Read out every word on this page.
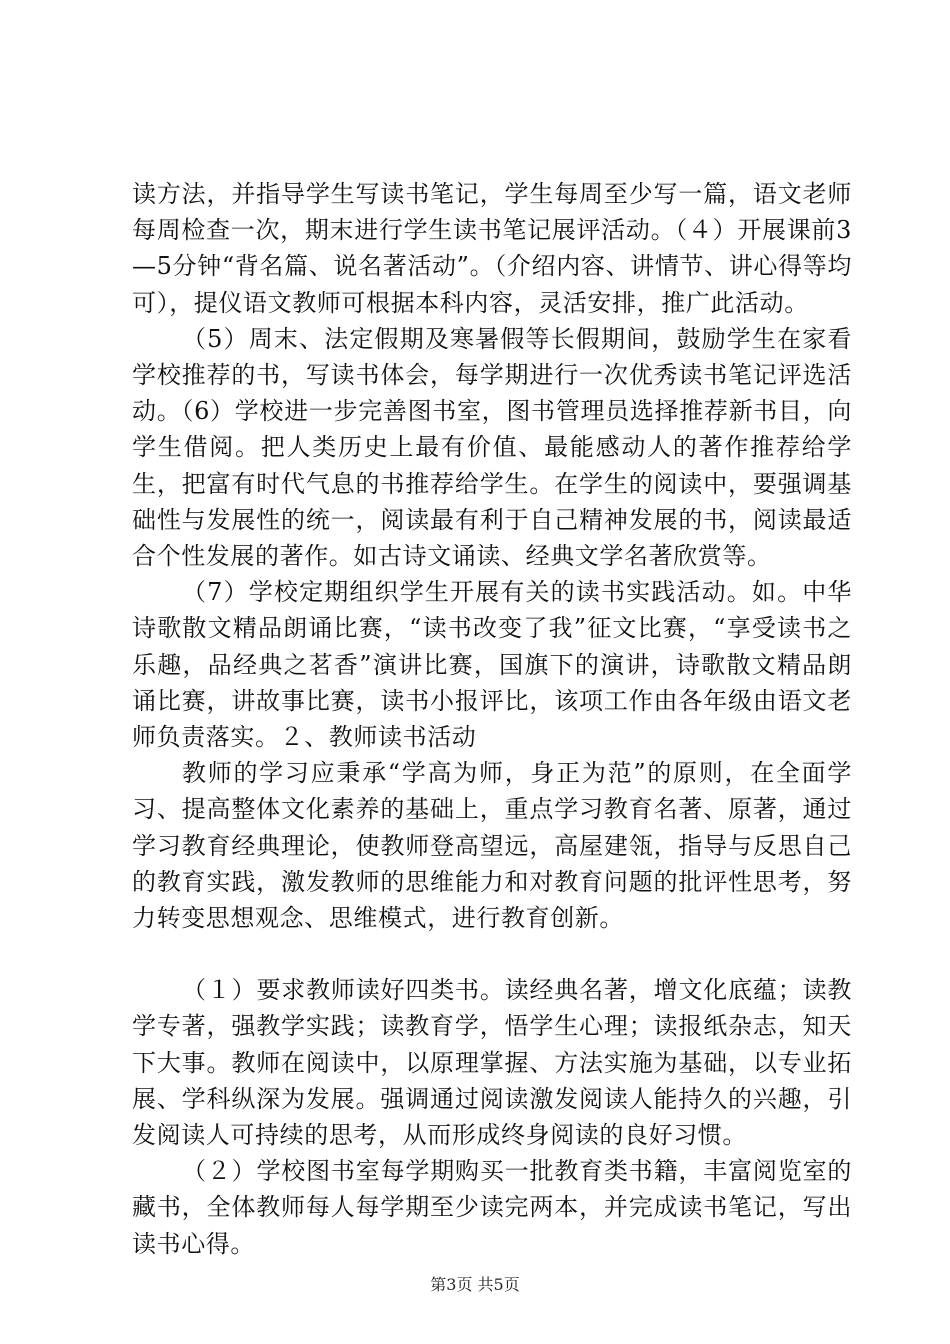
读方法，并指导学生写读书笔记，学生每周至少写一篇，语文老师每周检查一次，期末进行学生读书笔记展评活动。（４）开展课前3—5分钟“背名篇、说名著活动”。（介绍内容、讲情节、讲心得等均可），提仪语文教师可根据本科内容，灵活安排，推广此活动。

（5）周末、法定假期及寒暑假等长假期间，鼓励学生在家看学校推荐的书，写读书体会，每学期进行一次优秀读书笔记评选活动。（6）学校进一步完善图书室，图书管理员选择推荐新书目，向学生借阅。把人类历史上最有价值、最能感动人的著作推荐给学生，把富有时代气息的书推荐给学生。在学生的阅读中，要强调基础性与发展性的统一，阅读最有利于自己精神发展的书，阅读最适合个性发展的著作。如古诗文诵读、经典文学名著欣赏等。

（7）学校定期组织学生开展有关的读书实践活动。如。中华诗歌散文精品朗诵比赛，“读书改变了我”征文比赛，“享受读书之乐趣，品经典之茗香”演讲比赛，国旗下的演讲，诗歌散文精品朗诵比赛，讲故事比赛，读书小报评比，该项工作由各年级由语文老师负责落实。２、教师读书活动

教师的学习应秉承“学高为师，身正为范”的原则，在全面学习、提高整体文化素养的基础上，重点学习教育名著、原著，通过学习教育经典理论，使教师登高望远，高屋建瓴，指导与反思自己的教育实践，激发教师的思维能力和对教育问题的批评性思考，努力转变思想观念、思维模式，进行教育创新。

（１）要求教师读好四类书。读经典名著，增文化底蕴；读教学专著，强教学实践；读教育学，悟学生心理；读报纸杂志，知天下大事。教师在阅读中，以原理掌握、方法实施为基础，以专业拓展、学科纵深为发展。强调通过阅读激发阅读人能持久的兴趣，引发阅读人可持续的思考，从而形成终身阅读的良好习惯。

（２）学校图书室每学期购买一批教育类书籍，丰富阅览室的藏书，全体教师每人每学期至少读完两本，并完成读书笔记，写出读书心得。

第3页 共5页
